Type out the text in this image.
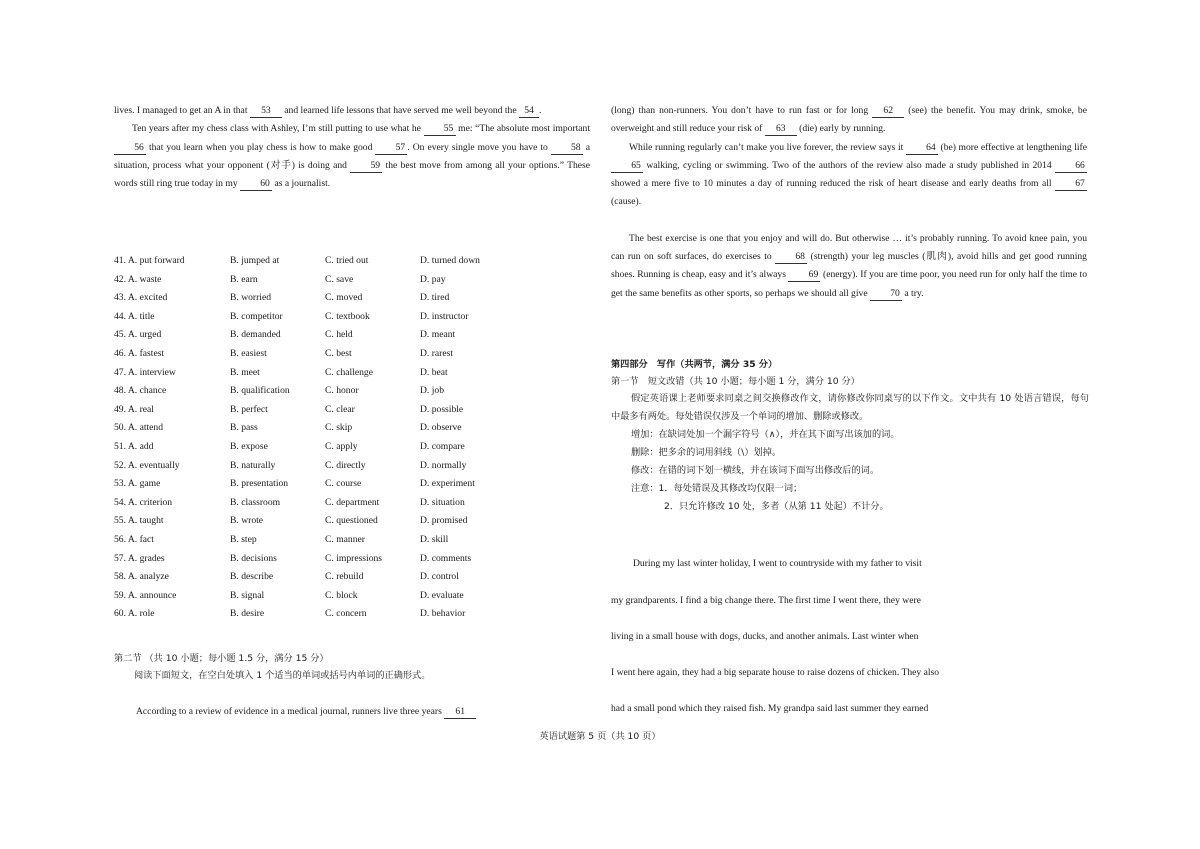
lives. I managed to get an A in that 53 and learned life lessons that have served me well beyond the 54 .

Ten years after my chess class with Ashley, I’m still putting to use what he 55 me: “The absolute most important 56 that you learn when you play chess is how to make good 57 . On every single move you have to 58 a situation, process what your opponent (对手) is doing and 59 the best move from among all your options.” These words still ring true today in my 60 as a journalist.

41. A. put forward	B. jumped at	C. tried out	D. turned down
42. A. waste	B. earn	C. save	D. pay
43. A. excited	B. worried	C. moved	D. tired
44. A. title	B. competitor	C. textbook	D. instructor
45. A. urged	B. demanded	C. held	D. meant
46. A. fastest	B. easiest	C. best	D. rarest
47. A. interview	B. meet	C. challenge	D. beat
48. A. chance	B. qualification	C. honor	D. job
49. A. real	B. perfect	C. clear	D. possible
50. A. attend	B. pass	C. skip	D. observe
51. A. add	B. expose	C. apply	D. compare
52. A. eventually	B. naturally	C. directly	D. normally
53. A. game	B. presentation	C. course	D. experiment
54. A. criterion	B. classroom	C. department	D. situation
55. A. taught	B. wrote	C. questioned	D. promised
56. A. fact	B. step	C. manner	D. skill
57. A. grades	B. decisions	C. impressions	D. comments
58. A. analyze	B. describe	C. rebuild	D. control
59. A. announce	B. signal	C. block	D. evaluate
60. A. role	B. desire	C. concern	D. behavior
第二节 （共 10 小题；每小题 1.5 分，满分 15 分）
阅读下面短文，在空白处填入 1 个适当的单词或括号内单词的正确形式。
According to a review of evidence in a medical journal, runners live three years 61

(long) than non-runners. You don’t have to run fast or for long 62 (see) the benefit. You may drink, smoke, be overweight and still reduce your risk of 63 (die) early by running.

While running regularly can’t make you live forever, the review says it 64 (be) more effective at lengthening life 65 walking, cycling or swimming. Two of the authors of the review also made a study published in 2014 66 showed a mere five to 10 minutes a day of running reduced the risk of heart disease and early deaths from all 67 (cause).

The best exercise is one that you enjoy and will do. But otherwise … it’s probably running. To avoid knee pain, you can run on soft surfaces, do exercises to 68 (strength) your leg muscles (肌肉), avoid hills and get good running shoes. Running is cheap, easy and it’s always 69 (energy). If you are time poor, you need run for only half the time to get the same benefits as other sports, so perhaps we should all give 70 a try.

第四部分　写作（共两节，满分 35 分）
第一节　短文改错（共 10 小题；每小题 1 分，满分 10 分）
假定英语课上老师要求同桌之间交换修改作文，请你修改你同桌写的以下作文。文中共有 10 处语言错误，每句中最多有两处。每处错误仅涉及一个单词的增加、删除或修改。
增加：在缺词处加一个漏字符号（∧），并在其下面写出该加的词。
删除：把多余的词用斜线（\）划掉。
修改：在错的词下划一横线，并在该词下面写出修改后的词。
注意：1．每处错误及其修改均仅限一词；
2．只允许修改 10 处，多者（从第 11 处起）不计分。
During my last winter holiday, I went to countryside with my father to visit
my grandparents. I find a big change there. The first time I went there, they were
living in a small house with dogs, ducks, and another animals. Last winter when
I went here again, they had a big separate house to raise dozens of chicken. They also
had a small pond which they raised fish. My grandpa said last summer they earned
英语试题第 5 页（共 10 页）
